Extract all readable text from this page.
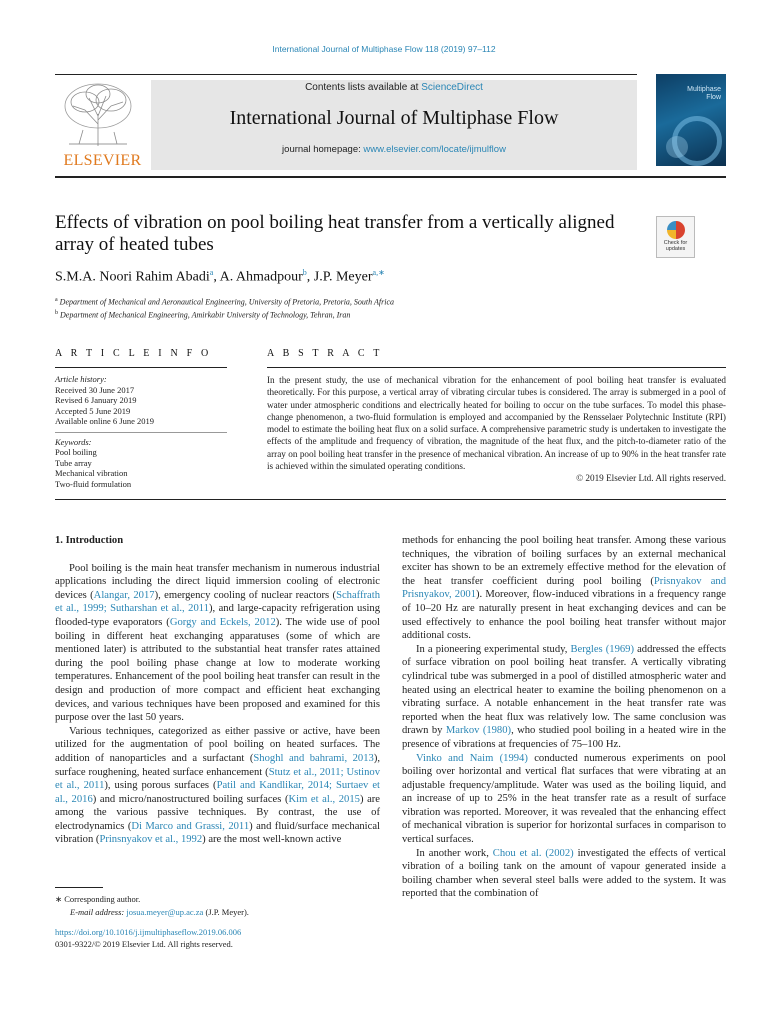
International Journal of Multiphase Flow 118 (2019) 97–112
ELSEVIER
Contents lists available at ScienceDirect
International Journal of Multiphase Flow
journal homepage: www.elsevier.com/locate/ijmulflow
Multiphase
Flow
Effects of vibration on pool boiling heat transfer from a vertically aligned array of heated tubes	Check for updates
S.M.A. Noori Rahim Abadi$^a$, A. Ahmadpour$^b$, J.P. Meyer$^{a,∗}$
$^a$ Department of Mechanical and Aeronautical Engineering, University of Pretoria, Pretoria, South Africa
$^b$ Department of Mechanical Engineering, Amirkabir University of Technology, Tehran, Iran
A R T I C L E I N F O	A B S T R A C T
Article history:
Received 30 June 2017
Revised 6 January 2019
Accepted 5 June 2019
Available online 6 June 2019
Keywords:
Pool boiling
Tube array
Mechanical vibration
Two-fluid formulation
In the present study, the use of mechanical vibration for the enhancement of pool boiling heat transfer is evaluated theoretically. For this purpose, a vertical array of vibrating circular tubes is considered. The array is submerged in a pool of water under atmospheric conditions and electrically heated for boiling to occur on the tube surfaces. To model this phase-change phenomenon, a two-fluid formulation is employed and accompanied by the Rensselaer Polytechnic Institute (RPI) model to estimate the boiling heat flux on a solid surface. A comprehensive parametric study is undertaken to investigate the effects of the amplitude and frequency of vibration, the magnitude of the heat flux, and the pitch-to-diameter ratio of the array on pool boiling heat transfer in the presence of mechanical vibration. An increase of up to 90% in the heat transfer rate is achieved within the simulated operating conditions.
© 2019 Elsevier Ltd. All rights reserved.

1. Introduction

Pool boiling is the main heat transfer mechanism in numerous industrial applications including the direct liquid immersion cooling of electronic devices (Alangar, 2017), emergency cooling of nuclear reactors (Schaffrath et al., 1999; Sutharshan et al., 2011), and large-capacity refrigeration using flooded-type evaporators (Gorgy and Eckels, 2012). The wide use of pool boiling in different heat exchanging apparatuses (some of which are mentioned later) is attributed to the substantial heat transfer rates attained during the pool boiling phase change at low to moderate working temperatures. Enhancement of the pool boiling heat transfer can result in the design and production of more compact and efficient heat exchanging devices, and various techniques have been proposed and examined for this purpose over the last 50 years.

Various techniques, categorized as either passive or active, have been utilized for the augmentation of pool boiling on heated surfaces. The addition of nanoparticles and a surfactant (Shoghl and bahrami, 2013), surface roughening, heated surface enhancement (Stutz et al., 2011; Ustinov et al., 2011), using porous surfaces (Patil and Kandlikar, 2014; Surtaev et al., 2016) and micro/nanostructured boiling surfaces (Kim et al., 2015) are among the various passive techniques. By contrast, the use of electrodynamics (Di Marco and Grassi, 2011) and fluid/surface mechanical vibration (Prinsnyakov et al., 1992) are the most well-known active

methods for enhancing the pool boiling heat transfer. Among these various techniques, the vibration of boiling surfaces by an external mechanical exciter has shown to be an extremely effective method for the elevation of the heat transfer coefficient during pool boiling (Prisnyakov and Prisnyakov, 2001). Moreover, flow-induced vibrations in a frequency range of 10–20 Hz are naturally present in heat exchanging devices and can be used effectively to enhance the pool boiling heat transfer without major additional costs.

In a pioneering experimental study, Bergles (1969) addressed the effects of surface vibration on pool boiling heat transfer. A vertically vibrating cylindrical tube was submerged in a pool of distilled atmospheric water and heated using an electrical heater to examine the boiling phenomenon on a vibrating surface. A notable enhancement in the heat transfer rate was reported when the heat flux was relatively low. The same conclusion was drawn by Markov (1980), who studied pool boiling in a heated wire in the presence of vibrations at frequencies of 75–100 Hz.

Vinko and Naim (1994) conducted numerous experiments on pool boiling over horizontal and vertical flat surfaces that were vibrating at an adjustable frequency/amplitude. Water was used as the boiling liquid, and an increase of up to 25% in the heat transfer rate as a result of surface vibration was reported. Moreover, it was revealed that the enhancing effect of mechanical vibration is superior for horizontal surfaces in comparison to vertical surfaces.

In another work, Chou et al. (2002) investigated the effects of vertical vibration of a boiling tank on the amount of vapour generated inside a boiling chamber when several steel balls were added to the system. It was reported that the combination of

∗ Corresponding author.
E-mail address: josua.meyer@up.ac.za (J.P. Meyer).
https://doi.org/10.1016/j.ijmultiphaseflow.2019.06.006
0301-9322/© 2019 Elsevier Ltd. All rights reserved.
